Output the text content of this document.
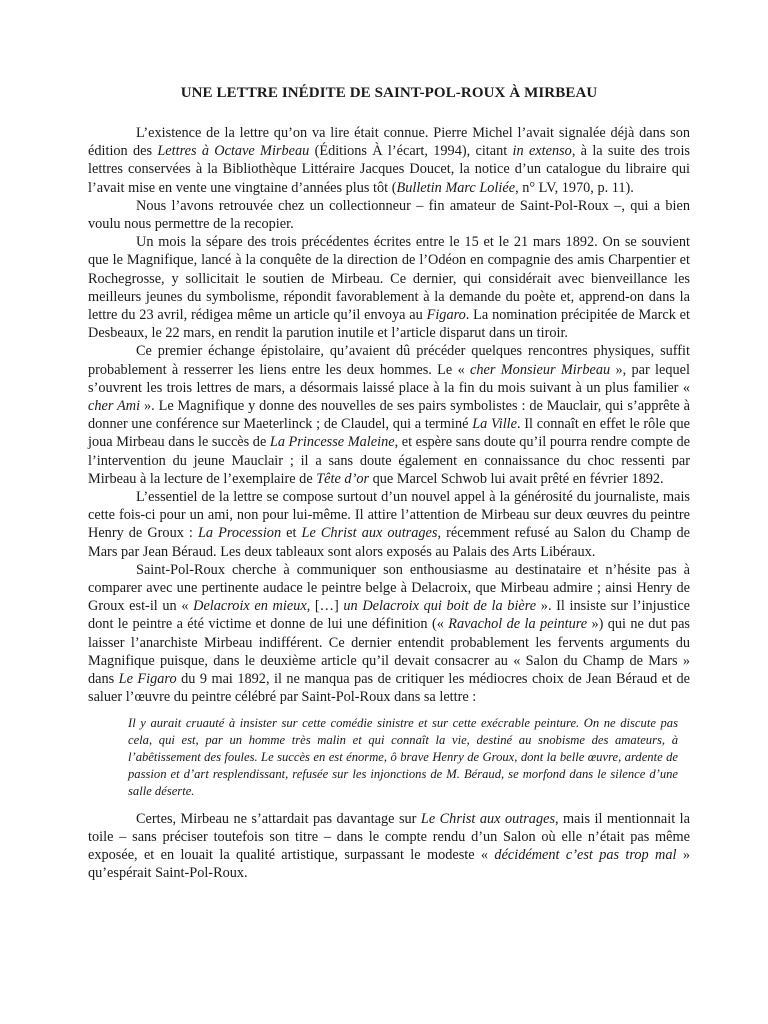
UNE LETTRE INÉDITE DE SAINT-POL-ROUX À MIRBEAU

L’existence de la lettre qu’on va lire était connue. Pierre Michel l’avait signalée déjà dans son édition des Lettres à Octave Mirbeau (Éditions À l’écart, 1994), citant in extenso, à la suite des trois lettres conservées à la Bibliothèque Littéraire Jacques Doucet, la notice d’un catalogue du libraire qui l’avait mise en vente une vingtaine d’années plus tôt (Bulletin Marc Loliée, n° LV, 1970, p. 11).

Nous l’avons retrouvée chez un collectionneur – fin amateur de Saint-Pol-Roux –, qui a bien voulu nous permettre de la recopier.

Un mois la sépare des trois précédentes écrites entre le 15 et le 21 mars 1892. On se souvient que le Magnifique, lancé à la conquête de la direction de l’Odéon en compagnie des amis Charpentier et Rochegrosse, y sollicitait le soutien de Mirbeau. Ce dernier, qui considérait avec bienveillance les meilleurs jeunes du symbolisme, répondit favorablement à la demande du poète et, apprend-on dans la lettre du 23 avril, rédigea même un article qu’il envoya au Figaro. La nomination précipitée de Marck et Desbeaux, le 22 mars, en rendit la parution inutile et l’article disparut dans un tiroir.

Ce premier échange épistolaire, qu’avaient dû précéder quelques rencontres physiques, suffit probablement à resserrer les liens entre les deux hommes. Le « cher Monsieur Mirbeau », par lequel s’ouvrent les trois lettres de mars, a désormais laissé place à la fin du mois suivant à un plus familier « cher Ami ». Le Magnifique y donne des nouvelles de ses pairs symbolistes : de Mauclair, qui s’apprête à donner une conférence sur Maeterlinck ; de Claudel, qui a terminé La Ville. Il connaît en effet le rôle que joua Mirbeau dans le succès de La Princesse Maleine, et espère sans doute qu’il pourra rendre compte de l’intervention du jeune Mauclair ; il a sans doute également en connaissance du choc ressenti par Mirbeau à la lecture de l’exemplaire de Tête d’or que Marcel Schwob lui avait prêté en février 1892.

L’essentiel de la lettre se compose surtout d’un nouvel appel à la générosité du journaliste, mais cette fois-ci pour un ami, non pour lui-même. Il attire l’attention de Mirbeau sur deux œuvres du peintre Henry de Groux : La Procession et Le Christ aux outrages, récemment refusé au Salon du Champ de Mars par Jean Béraud. Les deux tableaux sont alors exposés au Palais des Arts Libéraux.

Saint-Pol-Roux cherche à communiquer son enthousiasme au destinataire et n’hésite pas à comparer avec une pertinente audace le peintre belge à Delacroix, que Mirbeau admire ; ainsi Henry de Groux est-il un « Delacroix en mieux, […] un Delacroix qui boit de la bière ». Il insiste sur l’injustice dont le peintre a été victime et donne de lui une définition (« Ravachol de la peinture ») qui ne dut pas laisser l’anarchiste Mirbeau indifférent. Ce dernier entendit probablement les fervents arguments du Magnifique puisque, dans le deuxième article qu’il devait consacrer au « Salon du Champ de Mars » dans Le Figaro du 9 mai 1892, il ne manqua pas de critiquer les médiocres choix de Jean Béraud et de saluer l’œuvre du peintre célébré par Saint-Pol-Roux dans sa lettre :

Il y aurait cruauté à insister sur cette comédie sinistre et sur cette exécrable peinture. On ne discute pas cela, qui est, par un homme très malin et qui connaît la vie, destiné au snobisme des amateurs, à l’abêtissement des foules. Le succès en est énorme, ô brave Henry de Groux, dont la belle œuvre, ardente de passion et d’art resplendissant, refusée sur les injonctions de M. Béraud, se morfond dans le silence d’une salle déserte.

Certes, Mirbeau ne s’attardait pas davantage sur Le Christ aux outrages, mais il mentionnait la toile – sans préciser toutefois son titre – dans le compte rendu d’un Salon où elle n’était pas même exposée, et en louait la qualité artistique, surpassant le modeste « décidément c’est pas trop mal » qu’espérait Saint-Pol-Roux.
